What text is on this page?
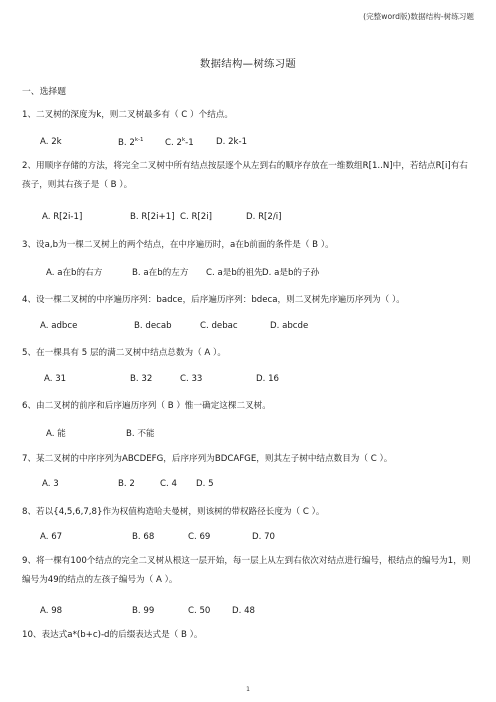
(完整word版)数据结构-树练习题
数据结构—树练习题
一、选择题
1、二叉树的深度为k，则二叉树最多有（ C ）个结点。
A. 2k	B. 2$^{k-1}$	C. 2$^k$-1	D. 2k-1
2、用顺序存储的方法，将完全二叉树中所有结点按层逐个从左到右的顺序存放在一维数组R[1..N]中，若结点R[i]有右孩子，则其右孩子是（ B ）。
A. R[2i-1]	B. R[2i+1] C. R[2i]	D. R[2/i]
3、设a,b为一棵二叉树上的两个结点，在中序遍历时，a在b前面的条件是（ B ）。
A. a在b的右方	B. a在b的左方 C. a是b的祖先 D. a是b的子孙
4、设一棵二叉树的中序遍历序列：badce，后序遍历序列：bdeca，则二叉树先序遍历序列为（ ）。
A. adbce	B. decab	C. debac	D. abcde
5、在一棵具有 5 层的满二叉树中结点总数为（ A ）。
A. 31	B. 32	C. 33	D. 16
6、由二叉树的前序和后序遍历序列（ B ）惟一确定这棵二叉树。
A. 能	B. 不能
7、某二叉树的中序序列为ABCDEFG，后序序列为BDCAFGE，则其左子树中结点数目为（ C ）。
A. 3	B. 2	C. 4 D. 5
8、若以{4,5,6,7,8}作为权值构造哈夫曼树，则该树的带权路径长度为（ C ）。
A. 67	B. 68	C. 69	D. 70
9、将一棵有100个结点的完全二叉树从根这一层开始，每一层上从左到右依次对结点进行编号，根结点的编号为1，则编号为49的结点的左孩子编号为（ A ）。
A. 98	B. 99	C. 50	D. 48
10、表达式a*(b+c)-d的后缀表达式是（ B ）。
1
